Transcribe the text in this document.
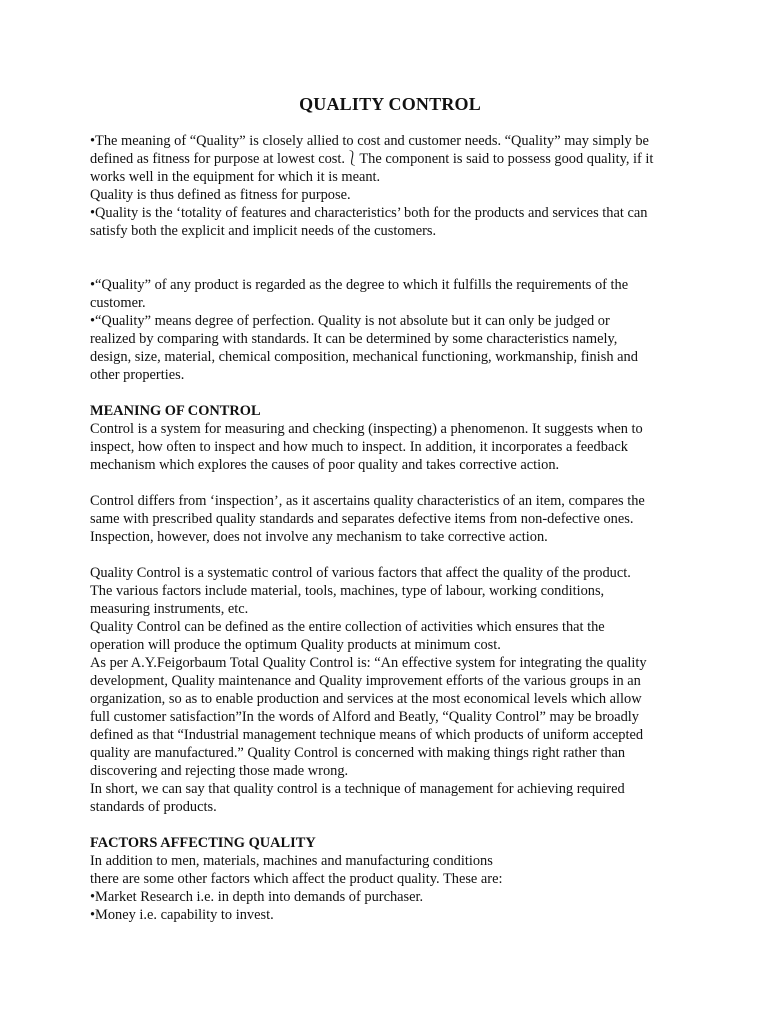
QUALITY CONTROL
•The meaning of “Quality” is closely allied to cost and customer needs. “Quality” may simply be
defined as fitness for purpose at lowest cost.⎱The component is said to possess good quality, if it
works well in the equipment for which it is meant.
Quality is thus defined as fitness for purpose.
•Quality is the ‘totality of features and characteristics’ both for the products and services that can
satisfy both the explicit and implicit needs of the customers.
•“Quality” of any product is regarded as the degree to which it fulfills the requirements of the
customer.
•“Quality” means degree of perfection. Quality is not absolute but it can only be judged or
realized by comparing with standards. It can be determined by some characteristics namely,
design, size, material, chemical composition, mechanical functioning, workmanship, finish and
other properties.
MEANING OF CONTROL
Control is a system for measuring and checking (inspecting) a phenomenon. It suggests when to
inspect, how often to inspect and how much to inspect. In addition, it incorporates a feedback
mechanism which explores the causes of poor quality and takes corrective action.
Control differs from ‘inspection’, as it ascertains quality characteristics of an item, compares the
same with prescribed quality standards and separates defective items from non-defective ones.
Inspection, however, does not involve any mechanism to take corrective action.
Quality Control is a systematic control of various factors that affect the quality of the product.
The various factors include material, tools, machines, type of labour, working conditions,
measuring instruments, etc.
Quality Control can be defined as the entire collection of activities which ensures that the
operation will produce the optimum Quality products at minimum cost.
As per A.Y.Feigorbaum Total Quality Control is: “An effective system for integrating the quality
development, Quality maintenance and Quality improvement efforts of the various groups in an
organization, so as to enable production and services at the most economical levels which allow
full customer satisfaction”In the words of Alford and Beatly, “Quality Control” may be broadly
defined as that “Industrial management technique means of which products of uniform accepted
quality are manufactured.” Quality Control is concerned with making things right rather than
discovering and rejecting those made wrong.
In short, we can say that quality control is a technique of management for achieving required
standards of products.
FACTORS AFFECTING QUALITY
In addition to men, materials, machines and manufacturing conditions
there are some other factors which affect the product quality. These are:
•Market Research i.e. in depth into demands of purchaser.
•Money i.e. capability to invest.
